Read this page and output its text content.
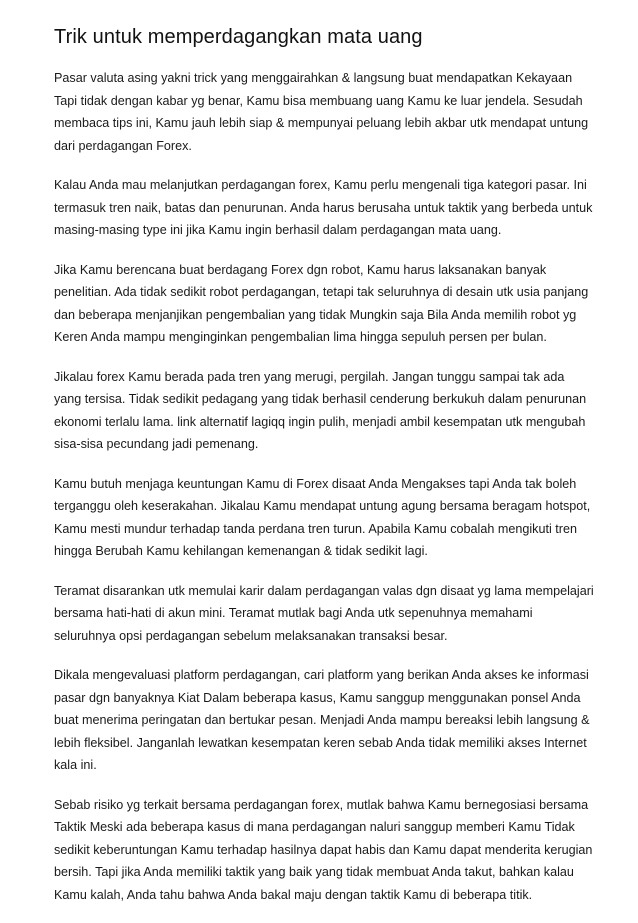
Trik untuk memperdagangkan mata uang

Pasar valuta asing yakni trick yang menggairahkan & langsung buat mendapatkan Kekayaan Tapi tidak dengan kabar yg benar, Kamu bisa membuang uang Kamu ke luar jendela. Sesudah membaca tips ini, Kamu jauh lebih siap & mempunyai peluang lebih akbar utk mendapat untung dari perdagangan Forex.

Kalau Anda mau melanjutkan perdagangan forex, Kamu perlu mengenali tiga kategori pasar. Ini termasuk tren naik, batas dan penurunan. Anda harus berusaha untuk taktik yang berbeda untuk masing-masing type ini jika Kamu ingin berhasil dalam perdagangan mata uang.

Jika Kamu berencana buat berdagang Forex dgn robot, Kamu harus laksanakan banyak penelitian. Ada tidak sedikit robot perdagangan, tetapi tak seluruhnya di desain utk usia panjang dan beberapa menjanjikan pengembalian yang tidak Mungkin saja Bila Anda memilih robot yg Keren Anda mampu menginginkan pengembalian lima hingga sepuluh persen per bulan.

Jikalau forex Kamu berada pada tren yang merugi, pergilah. Jangan tunggu sampai tak ada yang tersisa. Tidak sedikit pedagang yang tidak berhasil cenderung berkukuh dalam penurunan ekonomi terlalu lama. link alternatif lagiqq ingin pulih, menjadi ambil kesempatan utk mengubah sisa-sisa pecundang jadi pemenang.

Kamu butuh menjaga keuntungan Kamu di Forex disaat Anda Mengakses tapi Anda tak boleh terganggu oleh keserakahan. Jikalau Kamu mendapat untung agung bersama beragam hotspot, Kamu mesti mundur terhadap tanda perdana tren turun. Apabila Kamu cobalah mengikuti tren hingga Berubah Kamu kehilangan kemenangan & tidak sedikit lagi.

Teramat disarankan utk memulai karir dalam perdagangan valas dgn disaat yg lama mempelajari bersama hati-hati di akun mini. Teramat mutlak bagi Anda utk sepenuhnya memahami seluruhnya opsi perdagangan sebelum melaksanakan transaksi besar.

Dikala mengevaluasi platform perdagangan, cari platform yang berikan Anda akses ke informasi pasar dgn banyaknya Kiat Dalam beberapa kasus, Kamu sanggup menggunakan ponsel Anda buat menerima peringatan dan bertukar pesan. Menjadi Anda mampu bereaksi lebih langsung & lebih fleksibel. Janganlah lewatkan kesempatan keren sebab Anda tidak memiliki akses Internet kala ini.

Sebab risiko yg terkait bersama perdagangan forex, mutlak bahwa Kamu bernegosiasi bersama Taktik Meski ada beberapa kasus di mana perdagangan naluri sanggup memberi Kamu Tidak sedikit keberuntungan Kamu terhadap hasilnya dapat habis dan Kamu dapat menderita kerugian bersih. Tapi jika Anda memiliki taktik yang baik yang tidak membuat Anda takut, bahkan kalau Kamu kalah, Anda tahu bahwa Anda bakal maju dengan taktik Kamu di beberapa titik.
